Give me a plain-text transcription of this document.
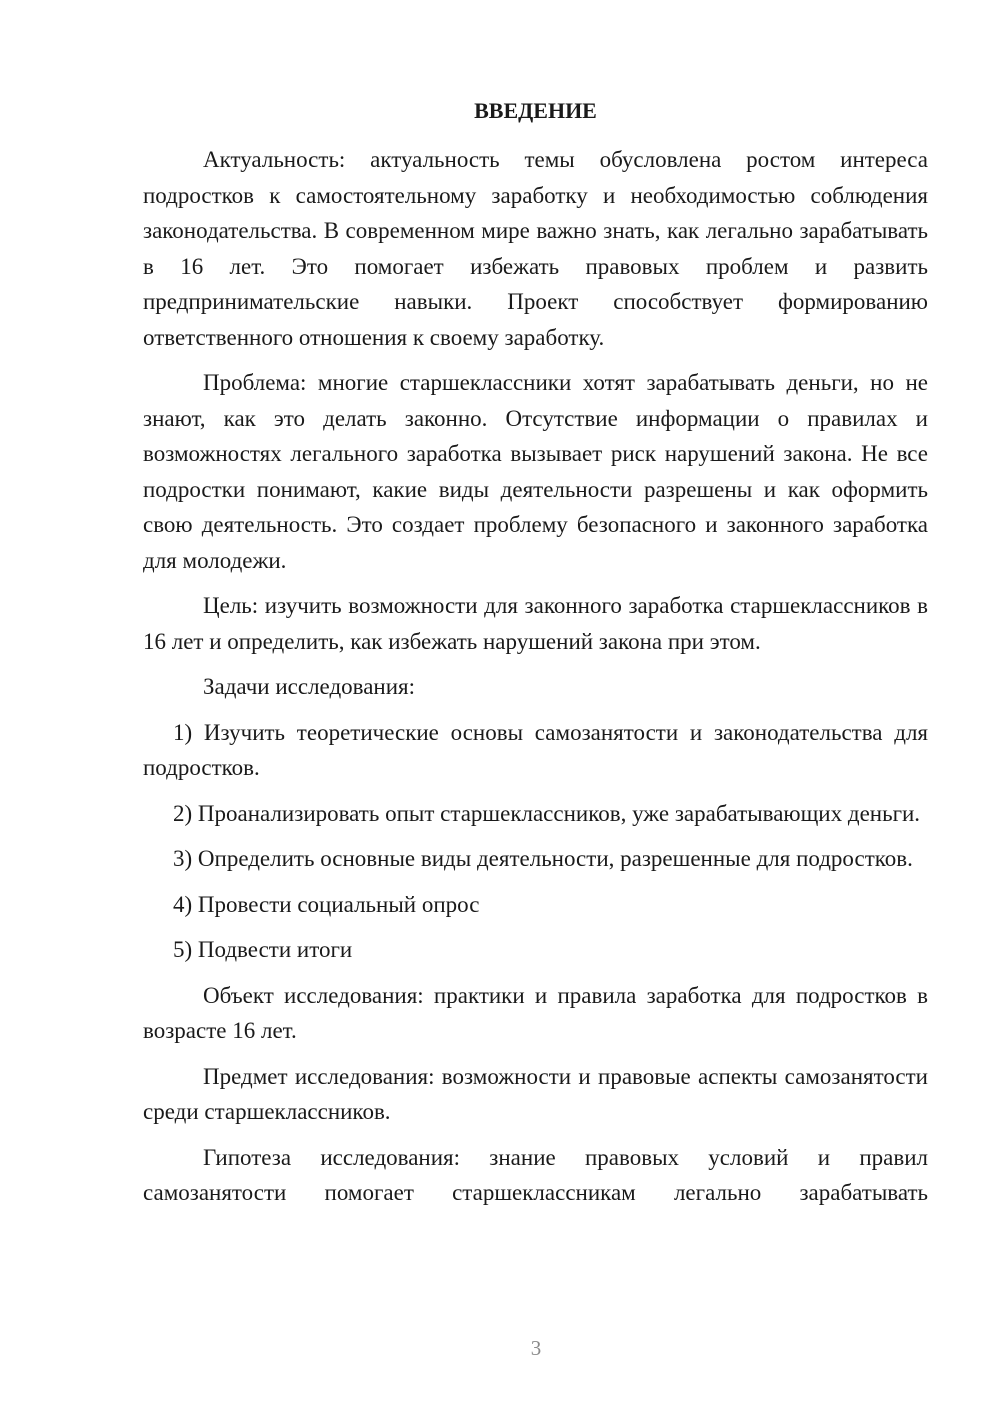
ВВЕДЕНИЕ

Актуальность: актуальность темы обусловлена ростом интереса подростков к самостоятельному заработку и необходимостью соблюдения законодательства. В современном мире важно знать, как легально зарабатывать в 16 лет. Это помогает избежать правовых проблем и развить предпринимательские навыки. Проект способствует формированию ответственного отношения к своему заработку.

Проблема: многие старшеклассники хотят зарабатывать деньги, но не знают, как это делать законно. Отсутствие информации о правилах и возможностях легального заработка вызывает риск нарушений закона. Не все подростки понимают, какие виды деятельности разрешены и как оформить свою деятельность. Это создает проблему безопасного и законного заработка для молодежи.

Цель: изучить возможности для законного заработка старшеклассников в 16 лет и определить, как избежать нарушений закона при этом.

Задачи исследования:

1) Изучить теоретические основы самозанятости и законодательства для подростков.

2) Проанализировать опыт старшеклассников, уже зарабатывающих деньги.

3) Определить основные виды деятельности, разрешенные для подростков.

4) Провести социальный опрос

5) Подвести итоги

Объект исследования: практики и правила заработка для подростков в возрасте 16 лет.

Предмет исследования: возможности и правовые аспекты самозанятости среди старшеклассников.

Гипотеза исследования: знание правовых условий и правил самозанятости помогает старшеклассникам легально зарабатывать

3
